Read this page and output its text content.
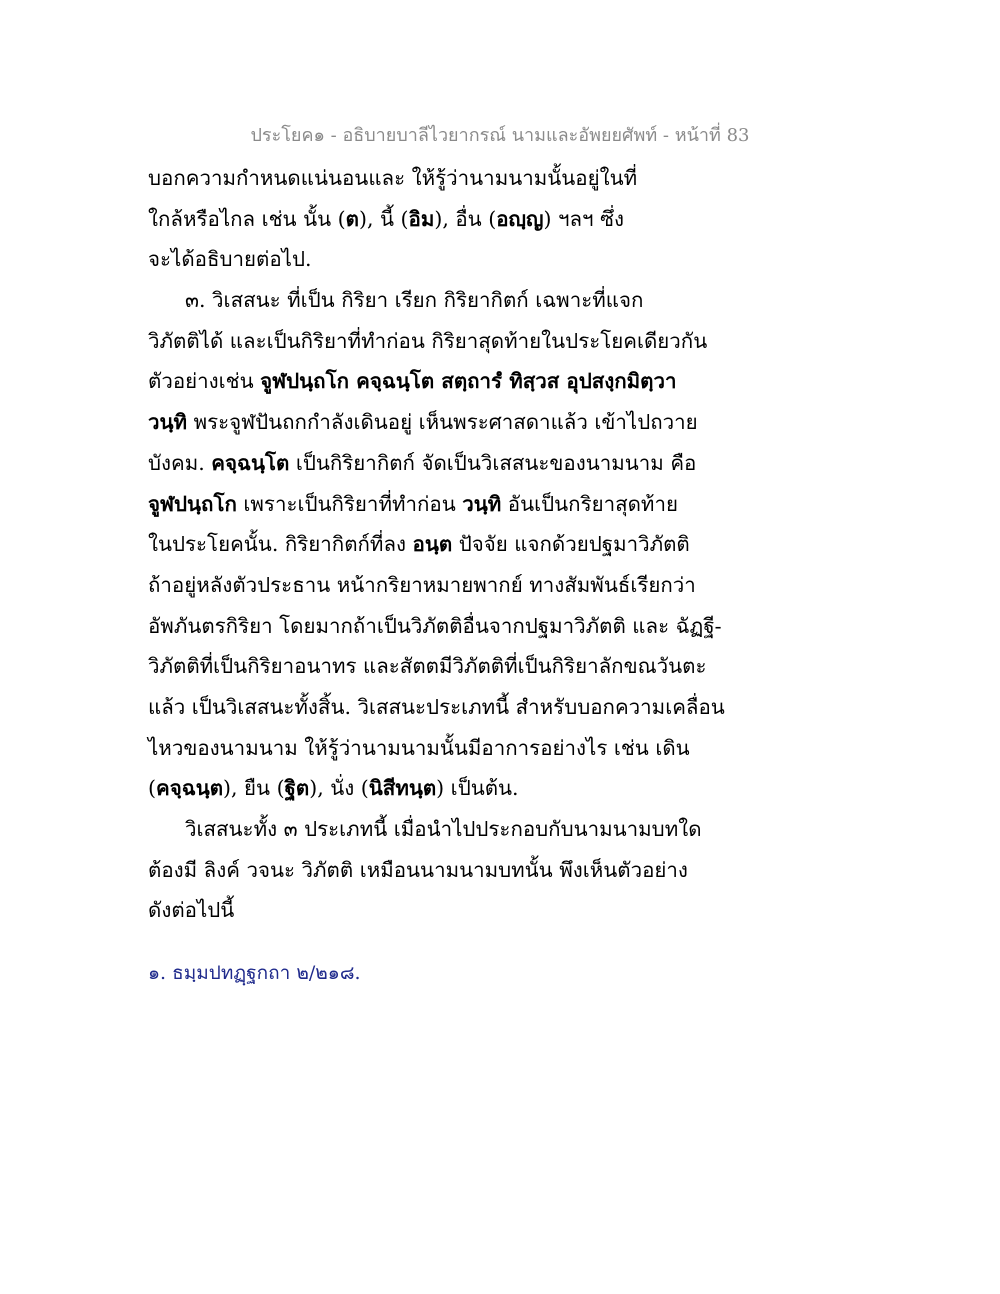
ประโยค๑ - อธิบายบาลีไวยากรณ์ นามและอัพยยศัพท์ - หน้าที่ 83
บอกความกำหนดแน่นอนและ ให้รู้ว่านามนามนั้นอยู่ในที่
ใกล้หรือไกล เช่น นั้น (ต), นี้ (อิม), อื่น (อญฺญ) ฯลฯ ซึ่ง
จะได้อธิบายต่อไป.
๓. วิเสสนะ ที่เป็น กิริยา เรียก กิริยากิตก์ เฉพาะที่แจก
วิภัตติได้ และเป็นกิริยาที่ทำก่อน กิริยาสุดท้ายในประโยคเดียวกัน
ตัวอย่างเช่น จูฬปนฺถโก คจฺฉนฺโต สตฺถารํ ทิสฺวส อุปสงฺกมิตฺวา
วนฺทิ พระจูฬปันถกกำลังเดินอยู่ เห็นพระศาสดาแล้ว เข้าไปถวาย
บังคม. คจฺฉนฺโต เป็นกิริยากิตก์ จัดเป็นวิเสสนะของนามนาม คือ
จูฬปนฺถโก เพราะเป็นกิริยาที่ทำก่อน วนฺทิ อันเป็นกริยาสุดท้าย
ในประโยคนั้น. กิริยากิตก์ที่ลง อนฺต ปัจจัย แจกด้วยปฐมาวิภัตติ
ถ้าอยู่หลังตัวประธาน หน้ากริยาหมายพากย์ ทางสัมพันธ์เรียกว่า
อัพภันตรกิริยา โดยมากถ้าเป็นวิภัตติอื่นจากปฐมาวิภัตติ และ ฉัฏฐี-
วิภัตติที่เป็นกิริยาอนาทร และสัตตมีวิภัตติที่เป็นกิริยาลักขณวันตะ
แล้ว เป็นวิเสสนะทั้งสิ้น. วิเสสนะประเภทนี้ สำหรับบอกความเคลื่อน
ไหวของนามนาม ให้รู้ว่านามนามนั้นมีอาการอย่างไร เช่น เดิน
(คจฺฉนฺต), ยืน (ฐิต), นั่ง (นิสีทนฺต) เป็นต้น.
วิเสสนะทั้ง ๓ ประเภทนี้ เมื่อนำไปประกอบกับนามนามบทใด
ต้องมี ลิงค์ วจนะ วิภัตติ เหมือนนามนามบทนั้น พึงเห็นตัวอย่าง
ดังต่อไปนี้
๑. ธมฺมปทฏฺฐกถา ๒/๒๑๘.
